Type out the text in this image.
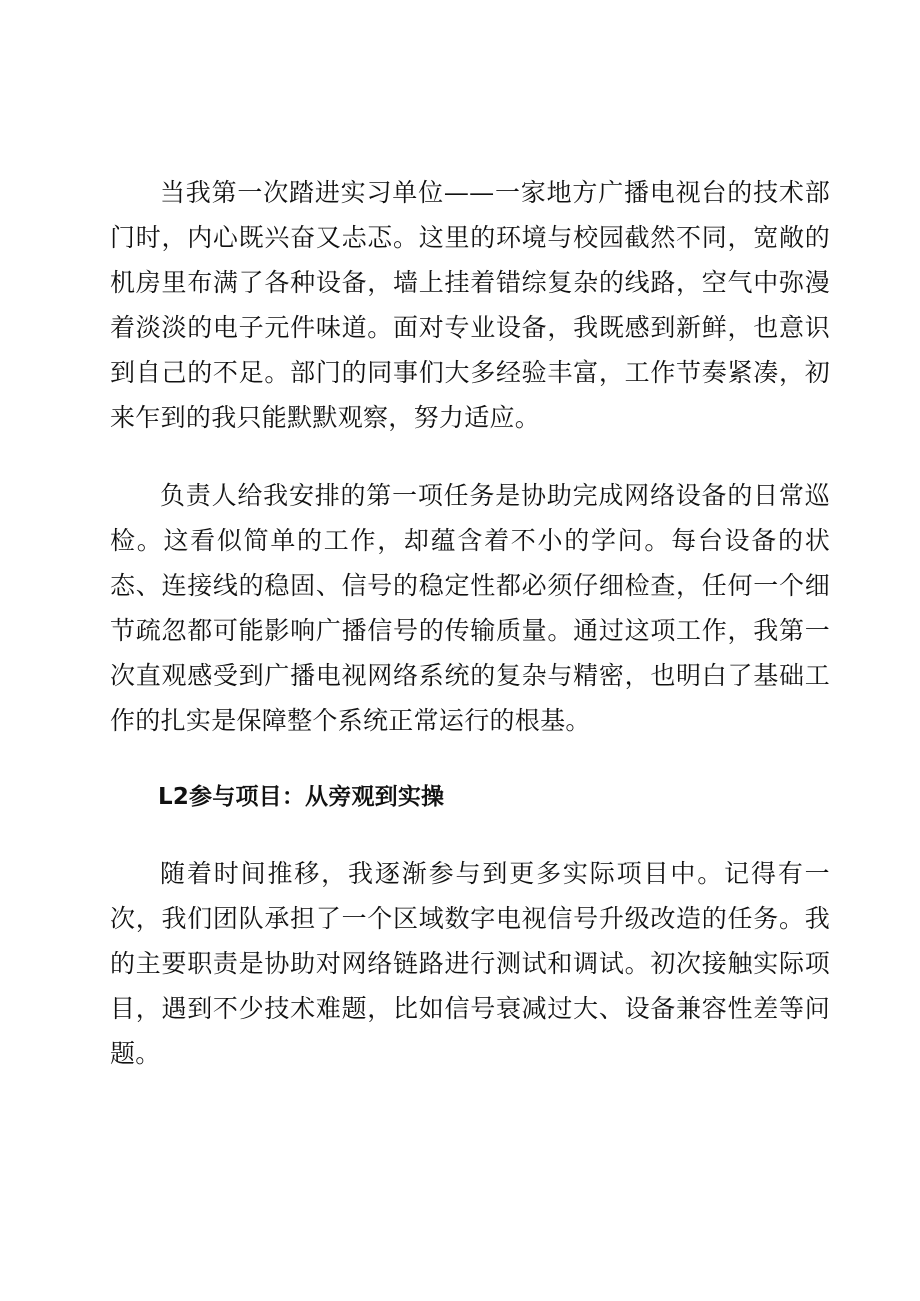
当我第一次踏进实习单位——一家地方广播电视台的技术部门时，内心既兴奋又忐忑。这里的环境与校园截然不同，宽敞的机房里布满了各种设备，墙上挂着错综复杂的线路，空气中弥漫着淡淡的电子元件味道。面对专业设备，我既感到新鲜，也意识到自己的不足。部门的同事们大多经验丰富，工作节奏紧凑，初来乍到的我只能默默观察，努力适应。

负责人给我安排的第一项任务是协助完成网络设备的日常巡检。这看似简单的工作，却蕴含着不小的学问。每台设备的状态、连接线的稳固、信号的稳定性都必须仔细检查，任何一个细节疏忽都可能影响广播信号的传输质量。通过这项工作，我第一次直观感受到广播电视网络系统的复杂与精密，也明白了基础工作的扎实是保障整个系统正常运行的根基。

L2参与项目：从旁观到实操

随着时间推移，我逐渐参与到更多实际项目中。记得有一次，我们团队承担了一个区域数字电视信号升级改造的任务。我的主要职责是协助对网络链路进行测试和调试。初次接触实际项目，遇到不少技术难题，比如信号衰减过大、设备兼容性差等问题。
